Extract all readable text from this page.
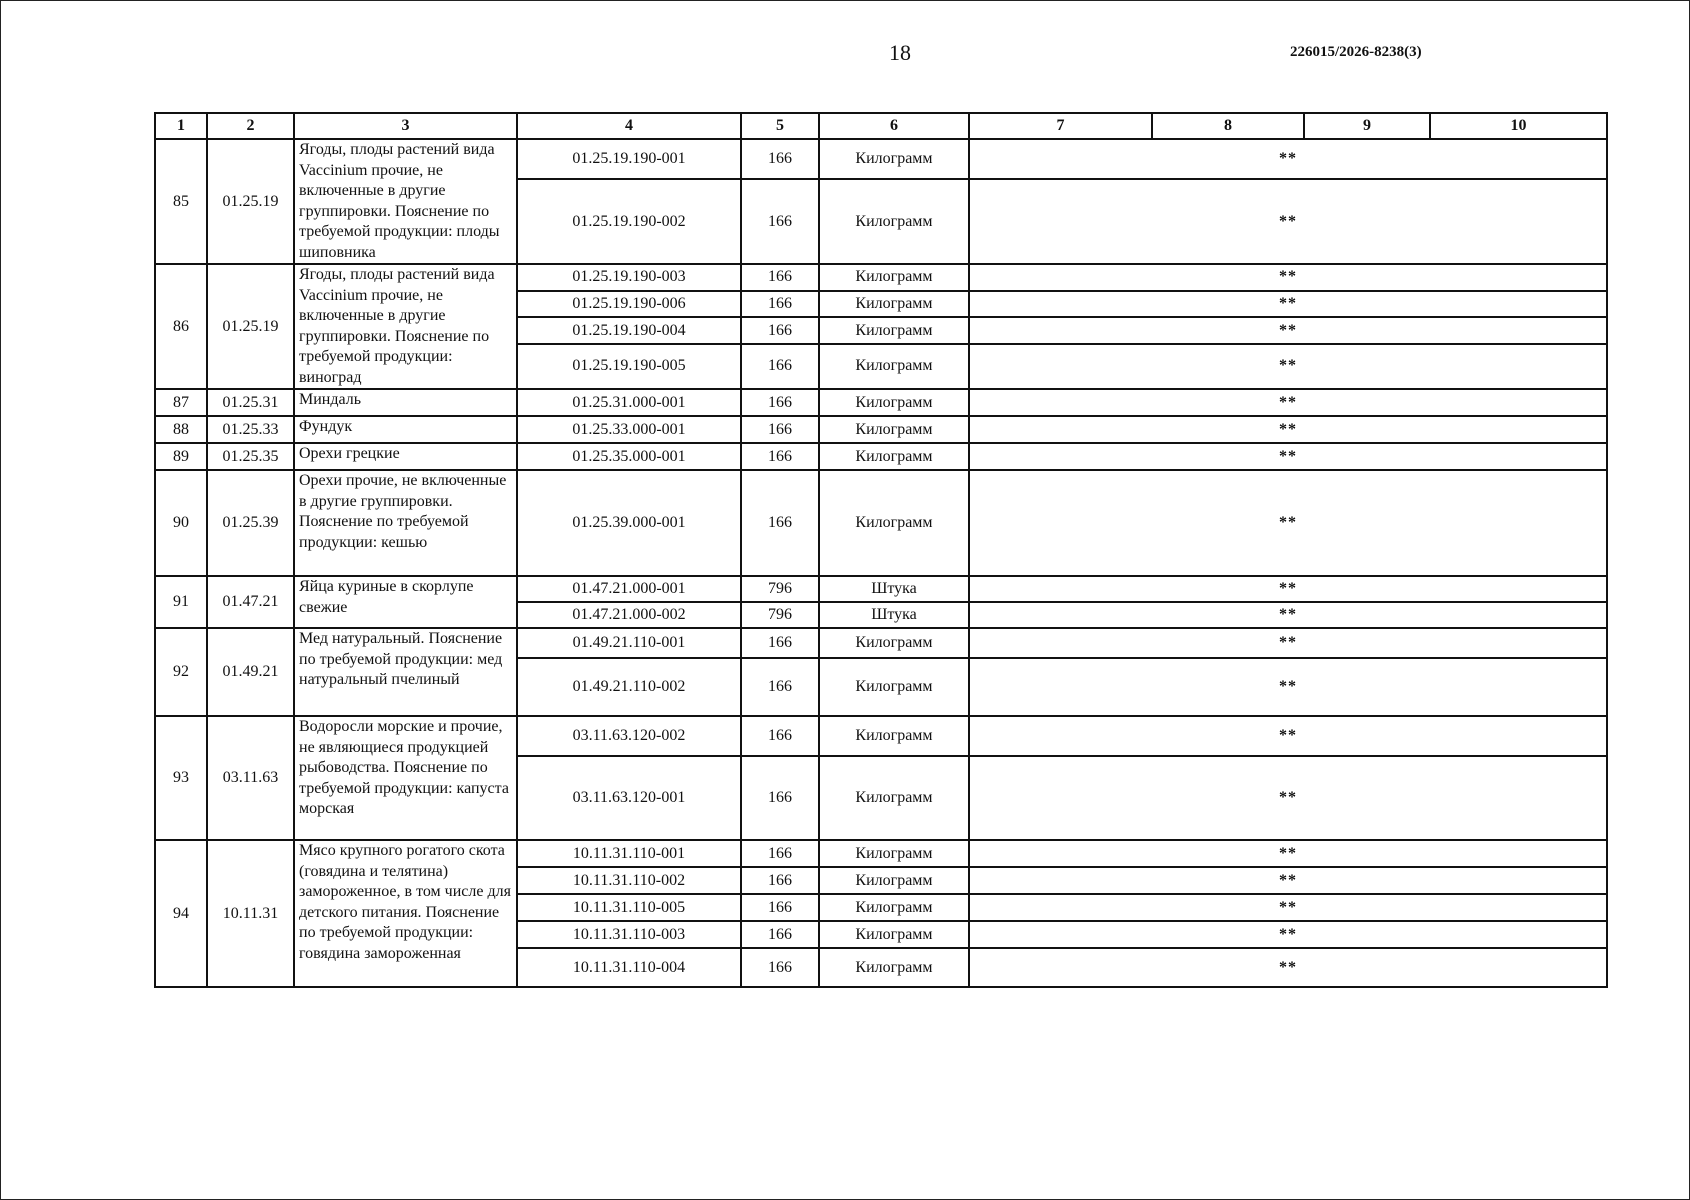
18	226015/2026-8238(3)
1	2	3	4	5	6	7	8	9	10
85	01.25.19	Ягоды, плоды растений вида Vaccinium прочие, не включенные в другие группировки. Пояснение по требуемой продукции: плоды шиповника	01.25.19.190-001	166	Килограмм	**			
			01.25.19.190-002	166	Килограмм	**			
86	01.25.19	Ягоды, плоды растений вида Vaccinium прочие, не включенные в другие группировки. Пояснение по требуемой продукции: виноград	01.25.19.190-003	166	Килограмм	**			
			01.25.19.190-006	166	Килограмм	**			
			01.25.19.190-004	166	Килограмм	**			
			01.25.19.190-005	166	Килограмм	**			
87	01.25.31	Миндаль	01.25.31.000-001	166	Килограмм	**			
88	01.25.33	Фундук	01.25.33.000-001	166	Килограмм	**			
89	01.25.35	Орехи грецкие	01.25.35.000-001	166	Килограмм	**			
90	01.25.39	Орехи прочие, не включенные в другие группировки. Пояснение по требуемой продукции: кешью	01.25.39.000-001	166	Килограмм	**			
91	01.47.21	Яйца куриные в скорлупе свежие	01.47.21.000-001	796	Штука	**			
			01.47.21.000-002	796	Штука	**			
92	01.49.21	Мед натуральный. Пояснение по требуемой продукции: мед натуральный пчелиный	01.49.21.110-001	166	Килограмм	**			
			01.49.21.110-002	166	Килограмм	**			
93	03.11.63	Водоросли морские и прочие, не являющиеся продукцией рыбоводства. Пояснение по требуемой продукции: капуста морская	03.11.63.120-002	166	Килограмм	**			
			03.11.63.120-001	166	Килограмм	**			
94	10.11.31	Мясо крупного рогатого скота (говядина и телятина) замороженное, в том числе для детского питания. Пояснение по требуемой продукции: говядина замороженная	10.11.31.110-001	166	Килограмм	**			
			10.11.31.110-002	166	Килограмм	**			
			10.11.31.110-005	166	Килограмм	**			
			10.11.31.110-003	166	Килограмм	**			
			10.11.31.110-004	166	Килограмм	**			
